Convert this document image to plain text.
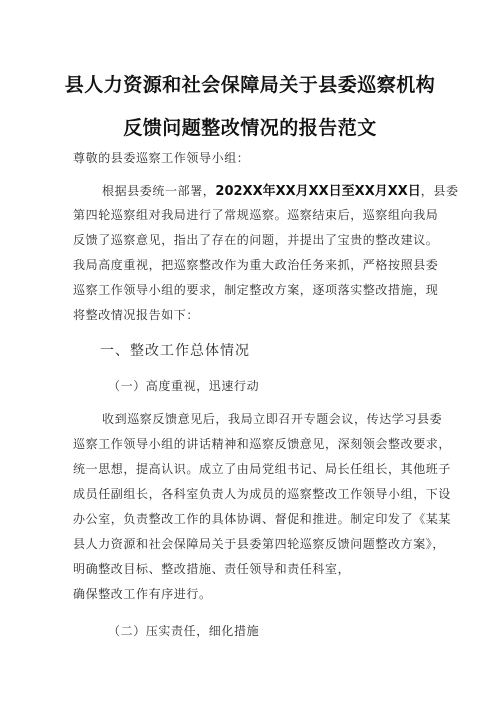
县人力资源和社会保障局关于县委巡察机构
反馈问题整改情况的报告范文
尊敬的县委巡察工作领导小组：
根据县委统一部署，202XX年XX月XX日至XX月XX日，县委
第四轮巡察组对我局进行了常规巡察。巡察结束后，巡察组向我局
反馈了巡察意见，指出了存在的问题，并提出了宝贵的整改建议。
我局高度重视，把巡察整改作为重大政治任务来抓，严格按照县委
巡察工作领导小组的要求，制定整改方案，逐项落实整改措施，现
将整改情况报告如下：
一、整改工作总体情况
（一）高度重视，迅速行动
收到巡察反馈意见后，我局立即召开专题会议，传达学习县委
巡察工作领导小组的讲话精神和巡察反馈意见，深刻领会整改要求，
统一思想，提高认识。成立了由局党组书记、局长任组长，其他班子
成员任副组长，各科室负责人为成员的巡察整改工作领导小组，下设
办公室，负责整改工作的具体协调、督促和推进。制定印发了《某某
县人力资源和社会保障局关于县委第四轮巡察反馈问题整改方案》，
明确整改目标、整改措施、责任领导和责任科室，
确保整改工作有序进行。
（二）压实责任，细化措施
